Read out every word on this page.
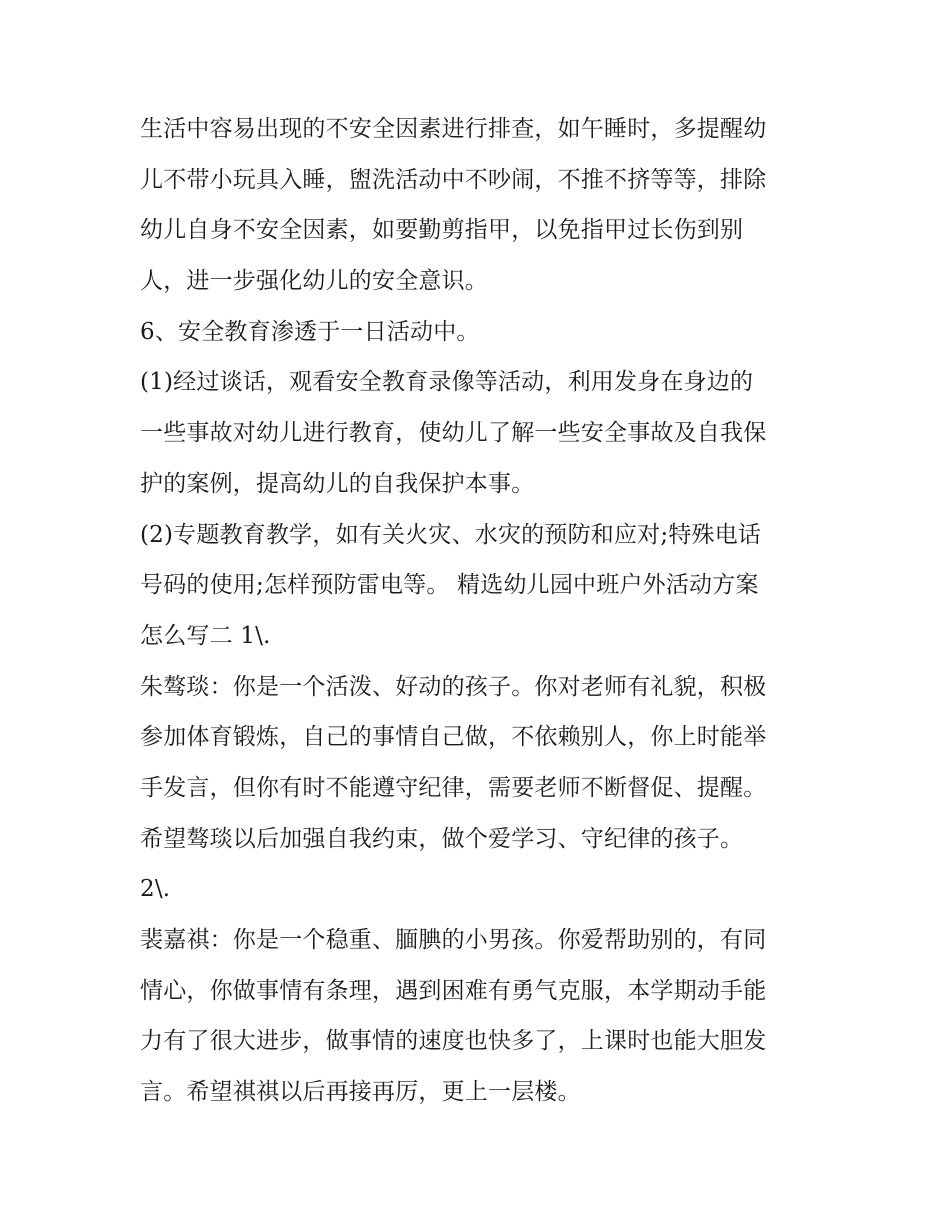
生活中容易出现的不安全因素进行排查，如午睡时，多提醒幼
儿不带小玩具入睡，盥洗活动中不吵闹，不推不挤等等，排除
幼儿自身不安全因素，如要勤剪指甲，以免指甲过长伤到别
人，进一步强化幼儿的安全意识。
6、安全教育渗透于一日活动中。
(1)经过谈话，观看安全教育录像等活动，利用发身在身边的
一些事故对幼儿进行教育，使幼儿了解一些安全事故及自我保
护的案例，提高幼儿的自我保护本事。
(2)专题教育教学，如有关火灾、水灾的预防和应对;特殊电话
号码的使用;怎样预防雷电等。 精选幼儿园中班户外活动方案
怎么写二 1\.
朱骜琰：你是一个活泼、好动的孩子。你对老师有礼貌，积极
参加体育锻炼，自己的事情自己做，不依赖别人，你上时能举
手发言，但你有时不能遵守纪律，需要老师不断督促、提醒。
希望骜琰以后加强自我约束，做个爱学习、守纪律的孩子。
2\.
裴嘉祺：你是一个稳重、腼腆的小男孩。你爱帮助别的，有同
情心，你做事情有条理，遇到困难有勇气克服，本学期动手能
力有了很大进步，做事情的速度也快多了，上课时也能大胆发
言。希望祺祺以后再接再厉，更上一层楼。
